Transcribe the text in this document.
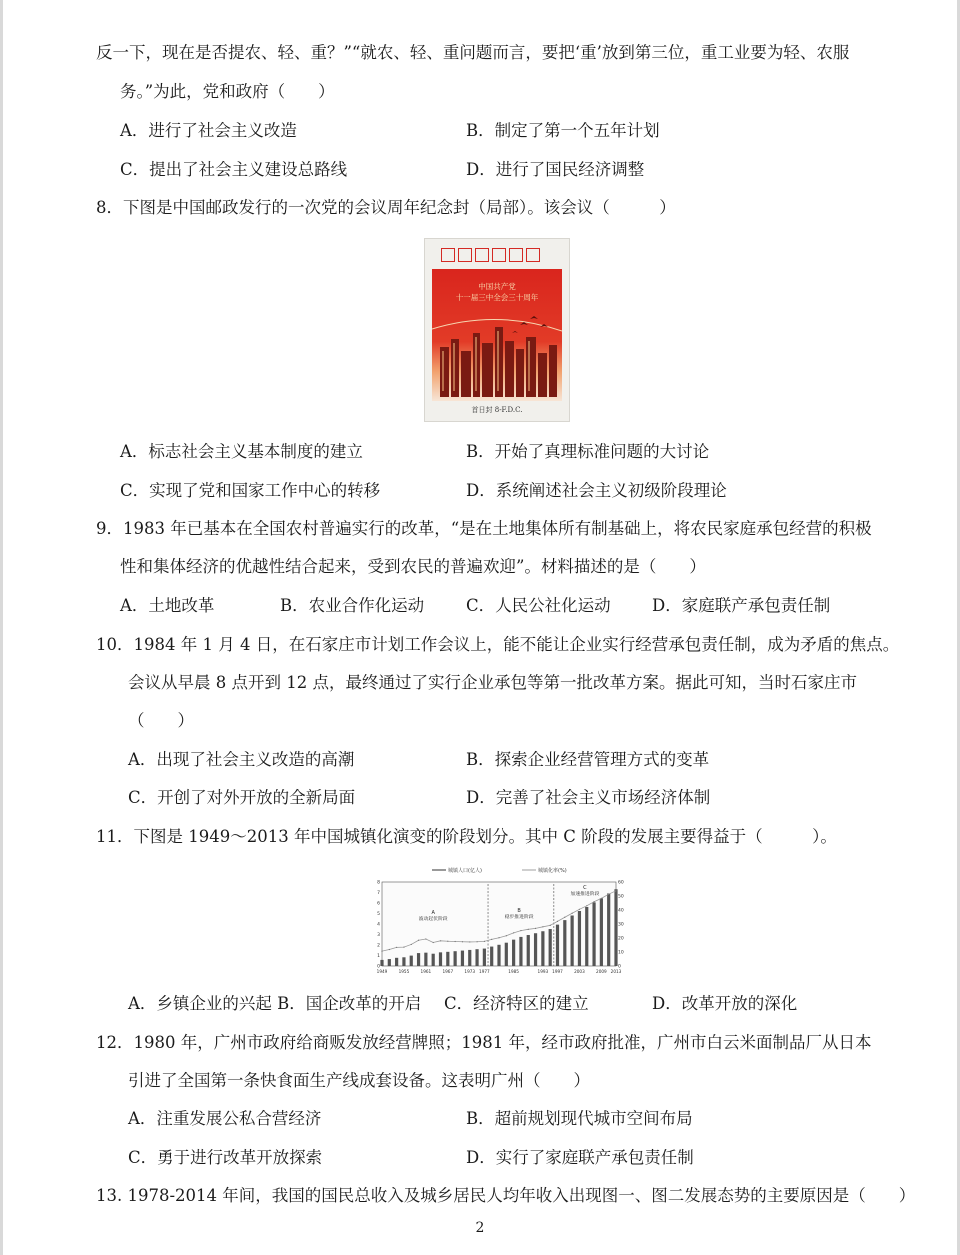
反一下，现在是否提农、轻、重？”“就农、轻、重问题而言，要把‘重’放到第三位，重工业要为轻、农服
务。”为此，党和政府（　　）
A．进行了社会主义改造	B．制定了第一个五年计划
C．提出了社会主义建设总路线	D．进行了国民经济调整
8．下图是中国邮政发行的一次党的会议周年纪念封（局部）。该会议（　　　）
中国共产党
十一届三中全会三十周年
首日封 8-F.D.C.
A．标志社会主义基本制度的建立	B．开始了真理标准问题的大讨论
C．实现了党和国家工作中心的转移	D．系统阐述社会主义初级阶段理论
9．1983 年已基本在全国农村普遍实行的改革，“是在土地集体所有制基础上，将农民家庭承包经营的积极
性和集体经济的优越性结合起来，受到农民的普遍欢迎”。材料描述的是（　　）
A．土地改革	B．农业合作化运动	C．人民公社化运动	D．家庭联产承包责任制
10．1984 年 1 月 4 日，在石家庄市计划工作会议上，能不能让企业实行经营承包责任制，成为矛盾的焦点。
会议从早晨 8 点开到 12 点，最终通过了实行企业承包等第一批改革方案。据此可知，当时石家庄市
（　　）
A．出现了社会主义改造的高潮	B．探索企业经营管理方式的变革
C．开创了对外开放的全新局面	D．完善了社会主义市场经济体制
11．下图是 1949～2013 年中国城镇化演变的阶段划分。其中 C 阶段的发展主要得益于（　　　）。
城镇人口(亿人)	城镇化率(%)
0
1
2
3
4
5
6
7
8
0
10
20
30
40
50
60
1949	1955	1961	1967	1973 1977	1985	1993 1997	2003	2009 2013
A
波动起伏阶段
B
稳步推进阶段
C
加速推进阶段
A．乡镇企业的兴起 B．国企改革的开启 C．经济特区的建立	D．改革开放的深化
12．1980 年，广州市政府给商贩发放经营牌照；1981 年，经市政府批准，广州市白云米面制品厂从日本
引进了全国第一条快食面生产线成套设备。这表明广州（　　）
A．注重发展公私合营经济	B．超前规划现代城市空间布局
C．勇于进行改革开放探索	D．实行了家庭联产承包责任制
13. 1978-2014 年间，我国的国民总收入及城乡居民人均年收入出现图一、图二发展态势的主要原因是（　　）
2
